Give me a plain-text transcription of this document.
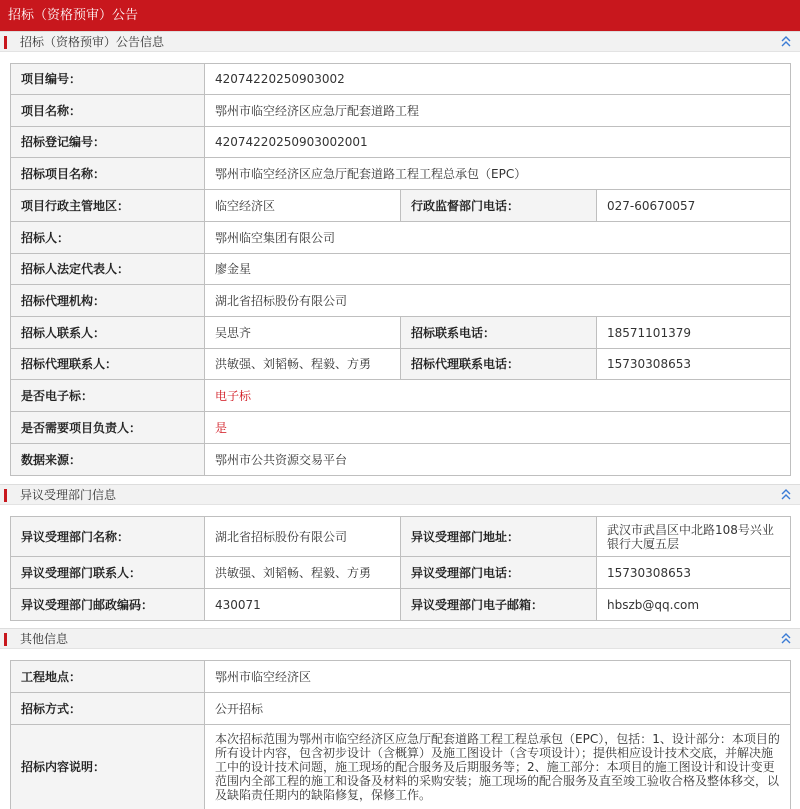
招标（资格预审）公告
招标（资格预审）公告信息
项目编号：	42074220250903002		
项目名称：	鄂州市临空经济区应急厅配套道路工程		
招标登记编号：	42074220250903002001		
招标项目名称：	鄂州市临空经济区应急厅配套道路工程工程总承包（EPC）		
项目行政主管地区：	临空经济区	行政监督部门电话：	027-60670057
招标人：	鄂州临空集团有限公司		
招标人法定代表人：	廖金星		
招标代理机构：	湖北省招标股份有限公司		
招标人联系人：	吴思齐	招标联系电话：	18571101379
招标代理联系人：	洪敏强、刘韬畅、程毅、方勇	招标代理联系电话：	15730308653
是否电子标：	电子标		
是否需要项目负责人：	是		
数据来源：	鄂州市公共资源交易平台		
异议受理部门信息
异议受理部门名称：	湖北省招标股份有限公司	异议受理部门地址：	武汉市武昌区中北路108号兴业银行大厦五层
异议受理部门联系人：	洪敏强、刘韬畅、程毅、方勇	异议受理部门电话：	15730308653
异议受理部门邮政编码：	430071	异议受理部门电子邮箱：	hbszb@qq.com
其他信息
工程地点：	鄂州市临空经济区
招标方式：	公开招标
招标内容说明：	本次招标范围为鄂州市临空经济区应急厅配套道路工程工程总承包（EPC），包括：1、设计部分：本项目的所有设计内容，包含初步设计（含概算）及施工图设计（含专项设计）；提供相应设计技术交底，并解决施工中的设计技术问题，施工现场的配合服务及后期服务等；2、施工部分：本项目的施工图设计和设计变更范围内全部工程的施工和设备及材料的采购安装；施工现场的配合服务及直至竣工验收合格及整体移交，以及缺陷责任期内的缺陷修复，保修工作。
